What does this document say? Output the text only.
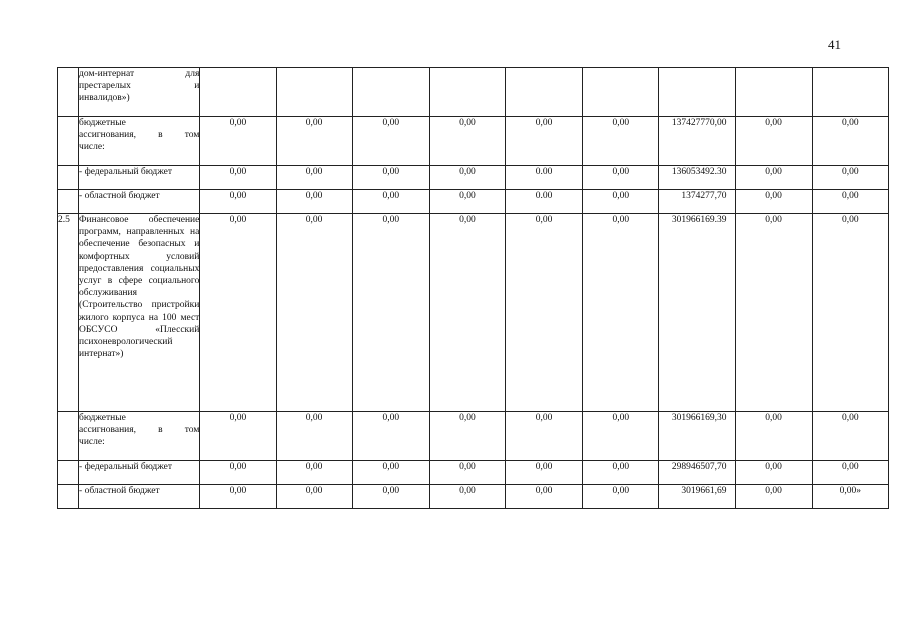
41

	дом-интернат для
престарелых и
инвалидов»)									

	бюджетные
ассигнования, в том
числе:	0,00	0,00	0,00	0,00	0,00	0,00	137427770,00	0,00	0,00
	- федеральный бюджет	0,00	0,00	0,00	0,00	0.00	0,00	136053492.30	0,00	0,00
	- областной бюджет	0,00	0,00	0,00	0,00	0.00	0,00	1374277,70	0,00	0,00
2.5	Финансовое обеспечение программ, направленных на обеспечение безопасных и комфортных условий предоставления социальных услуг в сфере социального обслуживания (Строительство пристройки жилого корпуса на 100 мест ОБСУСО «Плесский психоневрологический интернат»)	0,00	0,00	0,00	0,00	0,00	0,00	301966169.39	0,00	0,00

	бюджетные
ассигнования, в том
числе:	0,00	0,00	0,00	0,00	0,00	0,00	301966169,30	0,00	0,00
	- федеральный бюджет	0,00	0,00	0,00	0,00	0,00	0,00	298946507,70	0,00	0,00
	- областной бюджет	0,00	0,00	0,00	0,00	0,00	0,00	3019661,69	0,00	0,00»
